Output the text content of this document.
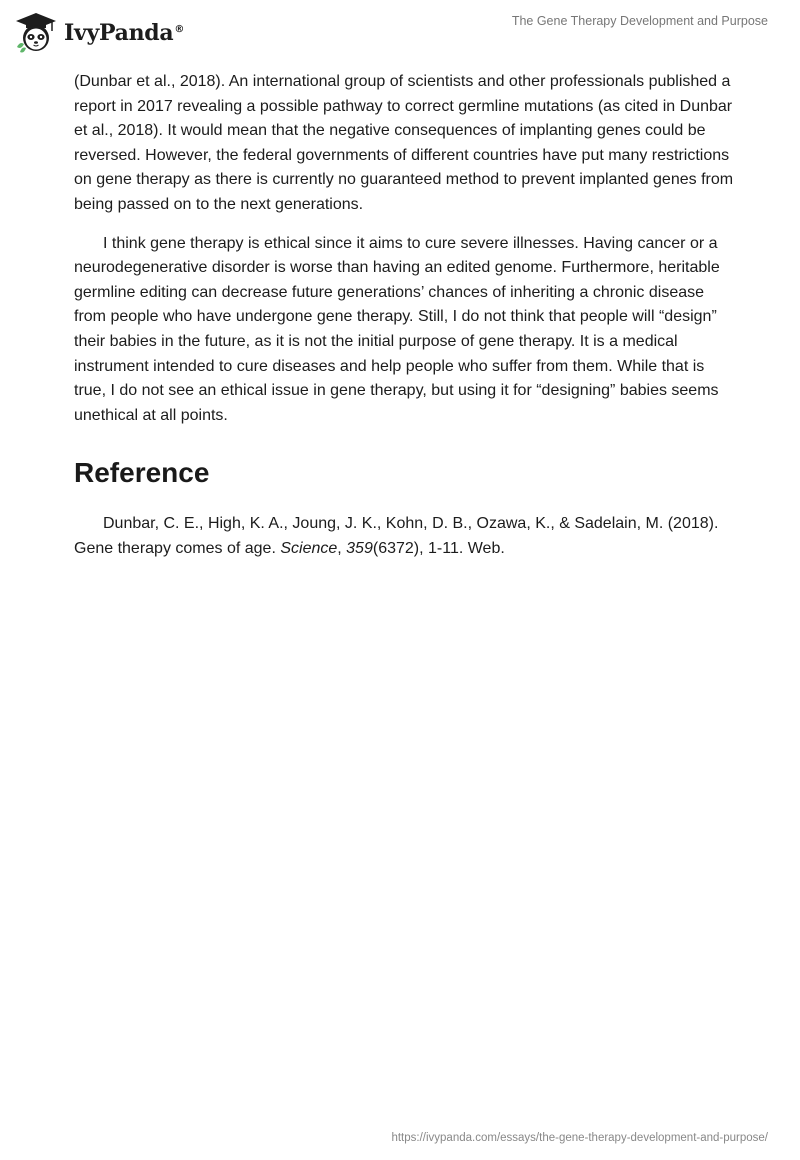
IvyPanda®
The Gene Therapy Development and Purpose

(Dunbar et al., 2018). An international group of scientists and other professionals published a report in 2017 revealing a possible pathway to correct germline mutations (as cited in Dunbar et al., 2018). It would mean that the negative consequences of implanting genes could be reversed. However, the federal governments of different countries have put many restrictions on gene therapy as there is currently no guaranteed method to prevent implanted genes from being passed on to the next generations.

I think gene therapy is ethical since it aims to cure severe illnesses. Having cancer or a neurodegenerative disorder is worse than having an edited genome. Furthermore, heritable germline editing can decrease future generations’ chances of inheriting a chronic disease from people who have undergone gene therapy. Still, I do not think that people will “design” their babies in the future, as it is not the initial purpose of gene therapy. It is a medical instrument intended to cure diseases and help people who suffer from them. While that is true, I do not see an ethical issue in gene therapy, but using it for “designing” babies seems unethical at all points.

Reference

Dunbar, C. E., High, K. A., Joung, J. K., Kohn, D. B., Ozawa, K., & Sadelain, M. (2018). Gene therapy comes of age. Science, 359(6372), 1-11. Web.

https://ivypanda.com/essays/the-gene-therapy-development-and-purpose/
